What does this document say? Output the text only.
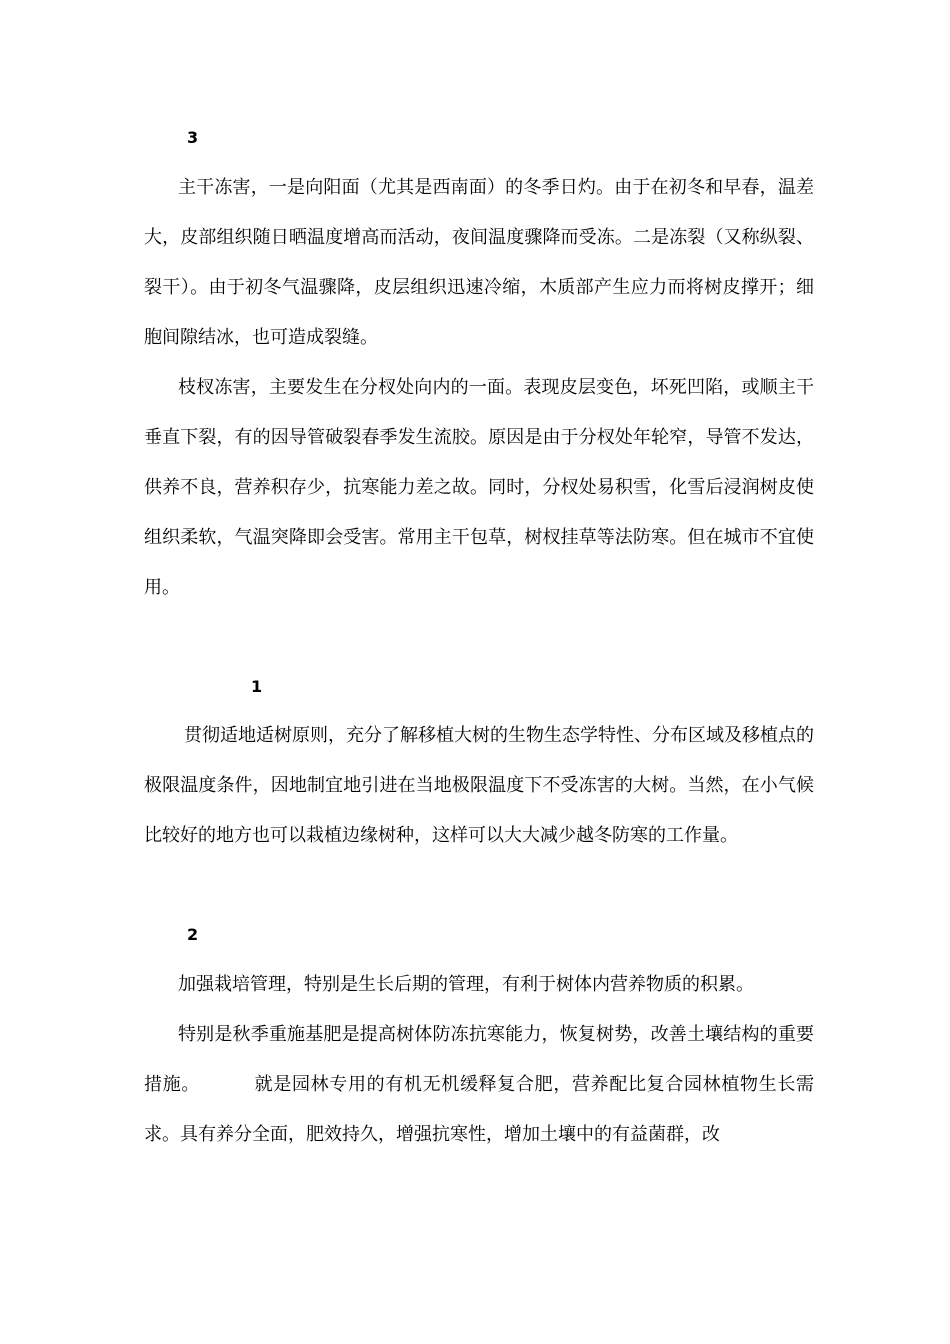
3

主干冻害，一是向阳面（尤其是西南面）的冬季日灼。由于在初冬和早春，温差大，皮部组织随日晒温度增高而活动，夜间温度骤降而受冻。二是冻裂（又称纵裂、裂干）。由于初冬气温骤降，皮层组织迅速冷缩，木质部产生应力而将树皮撑开；细胞间隙结冰，也可造成裂缝。

枝杈冻害，主要发生在分杈处向内的一面。表现皮层变色，坏死凹陷，或顺主干垂直下裂，有的因导管破裂春季发生流胶。原因是由于分杈处年轮窄，导管不发达，供养不良，营养积存少，抗寒能力差之故。同时，分杈处易积雪，化雪后浸润树皮使组织柔软，气温突降即会受害。常用主干包草，树杈挂草等法防寒。但在城市不宜使用。

1

贯彻适地适树原则，充分了解移植大树的生物生态学特性、分布区域及移植点的极限温度条件，因地制宜地引进在当地极限温度下不受冻害的大树。当然，在小气候比较好的地方也可以栽植边缘树种，这样可以大大减少越冬防寒的工作量。

2

加强栽培管理，特别是生长后期的管理，有利于树体内营养物质的积累。

特别是秋季重施基肥是提高树体防冻抗寒能力，恢复树势，改善土壤结构的重要措施。	就是园林专用的有机无机缓释复合肥，营养配比复合园林植物生长需求。具有养分全面，肥效持久，增强抗寒性，增加土壤中的有益菌群，改
